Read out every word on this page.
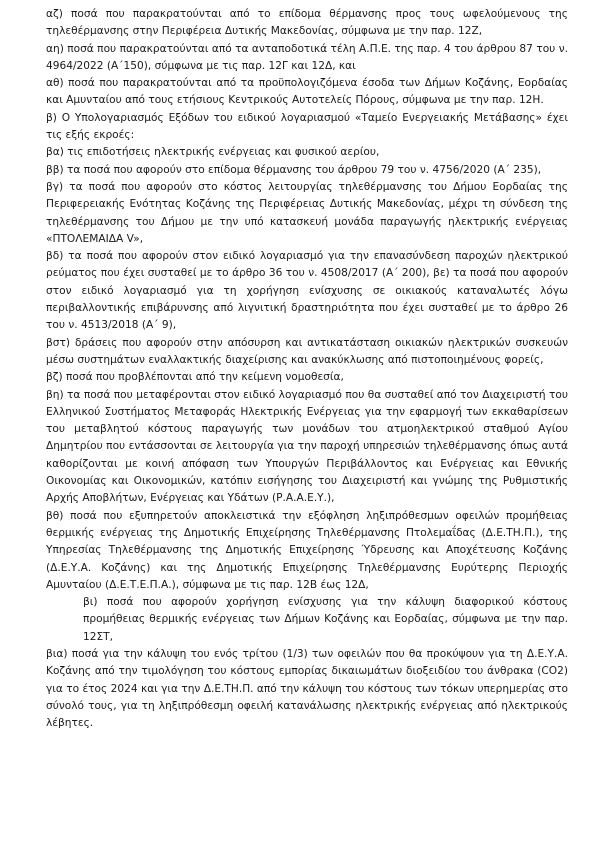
αζ) ποσά που παρακρατούνται από το επίδομα θέρμανσης προς τους ωφελούμενους της τηλεθέρμανσης στην Περιφέρεια Δυτικής Μακεδονίας, σύμφωνα με την παρ. 12Ζ,

αη) ποσά που παρακρατούνται από τα ανταποδοτικά τέλη Α.Π.Ε. της παρ. 4 του άρθρου 87 του ν. 4964/2022 (Α΄150), σύμφωνα με τις παρ. 12Γ και 12Δ, και

αθ) ποσά που παρακρατούνται από τα προϋπολογιζόμενα έσοδα των Δήμων Κοζάνης, Εορδαίας και Αμυνταίου από τους ετήσιους Κεντρικούς Αυτοτελείς Πόρους, σύμφωνα με την παρ. 12Η.

β) Ο Υπολογαριασμός Εξόδων του ειδικού λογαριασμού «Ταμείο Ενεργειακής Μετάβασης» έχει τις εξής εκροές:

βα) τις επιδοτήσεις ηλεκτρικής ενέργειας και φυσικού αερίου,

ββ) τα ποσά που αφορούν στο επίδομα θέρμανσης του άρθρου 79 του ν. 4756/2020 (Α΄ 235),

βγ) τα ποσά που αφορούν στο κόστος λειτουργίας τηλεθέρμανσης του Δήμου Εορδαίας της Περιφερειακής Ενότητας Κοζάνης της Περιφέρειας Δυτικής Μακεδονίας, μέχρι τη σύνδεση της τηλεθέρμανσης του Δήμου με την υπό κατασκευή μονάδα παραγωγής ηλεκτρικής ενέργειας «ΠΤΟΛΕΜΑΙΔΑ V»,

βδ) τα ποσά που αφορούν στον ειδικό λογαριασμό για την επανασύνδεση παροχών ηλεκτρικού ρεύματος που έχει συσταθεί με το άρθρο 36 του ν. 4508/2017 (Α΄ 200), βε) τα ποσά που αφορούν στον ειδικό λογαριασμό για τη χορήγηση ενίσχυσης σε οικιακούς καταναλωτές λόγω περιβαλλοντικής επιβάρυνσης από λιγνιτική δραστηριότητα που έχει συσταθεί με το άρθρο 26 του ν. 4513/2018 (Α΄ 9),

βστ) δράσεις που αφορούν στην απόσυρση και αντικατάσταση οικιακών ηλεκτρικών συσκευών μέσω συστημάτων εναλλακτικής διαχείρισης και ανακύκλωσης από πιστοποιημένους φορείς,

βζ) ποσά που προβλέπονται από την κείμενη νομοθεσία,

βη) τα ποσά που μεταφέρονται στον ειδικό λογαριασμό που θα συσταθεί από τον Διαχειριστή του Ελληνικού Συστήματος Μεταφοράς Ηλεκτρικής Ενέργειας για την εφαρμογή των εκκαθαρίσεων του μεταβλητού κόστους παραγωγής των μονάδων του ατμοηλεκτρικού σταθμού Αγίου Δημητρίου που εντάσσονται σε λειτουργία για την παροχή υπηρεσιών τηλεθέρμανσης όπως αυτά καθορίζονται με κοινή απόφαση των Υπουργών Περιβάλλοντος και Ενέργειας και Εθνικής Οικονομίας και Οικονομικών, κατόπιν εισήγησης του Διαχειριστή και γνώμης της Ρυθμιστικής Αρχής Αποβλήτων, Ενέργειας και Υδάτων (Ρ.Α.Α.Ε.Υ.),

βθ) ποσά που εξυπηρετούν αποκλειστικά την εξόφληση ληξιπρόθεσμων οφειλών προμήθειας θερμικής ενέργειας της Δημοτικής Επιχείρησης Τηλεθέρμανσης Πτολεμαΐδας (Δ.Ε.ΤΗ.Π.), της Υπηρεσίας Τηλεθέρμανσης της Δημοτικής Επιχείρησης Ύδρευσης και Αποχέτευσης Κοζάνης (Δ.Ε.Υ.Α. Κοζάνης) και της Δημοτικής Επιχείρησης Τηλεθέρμανσης Ευρύτερης Περιοχής Αμυνταίου (Δ.Ε.Τ.Ε.Π.Α.), σύμφωνα με τις παρ. 12Β έως 12Δ,

βι) ποσά που αφορούν χορήγηση ενίσχυσης για την κάλυψη διαφορικού κόστους προμήθειας θερμικής ενέργειας των Δήμων Κοζάνης και Εορδαίας, σύμφωνα με την παρ. 12ΣΤ,

βια) ποσά για την κάλυψη του ενός τρίτου (1/3) των οφειλών που θα προκύψουν για τη Δ.Ε.Υ.Α. Κοζάνης από την τιμολόγηση του κόστους εμπορίας δικαιωμάτων διοξειδίου του άνθρακα (CO2) για το έτος 2024 και για την Δ.Ε.ΤΗ.Π. από την κάλυψη του κόστους των τόκων υπερημερίας στο σύνολό τους, για τη ληξιπρόθεσμη οφειλή κατανάλωσης ηλεκτρικής ενέργειας από ηλεκτρικούς λέβητες.
